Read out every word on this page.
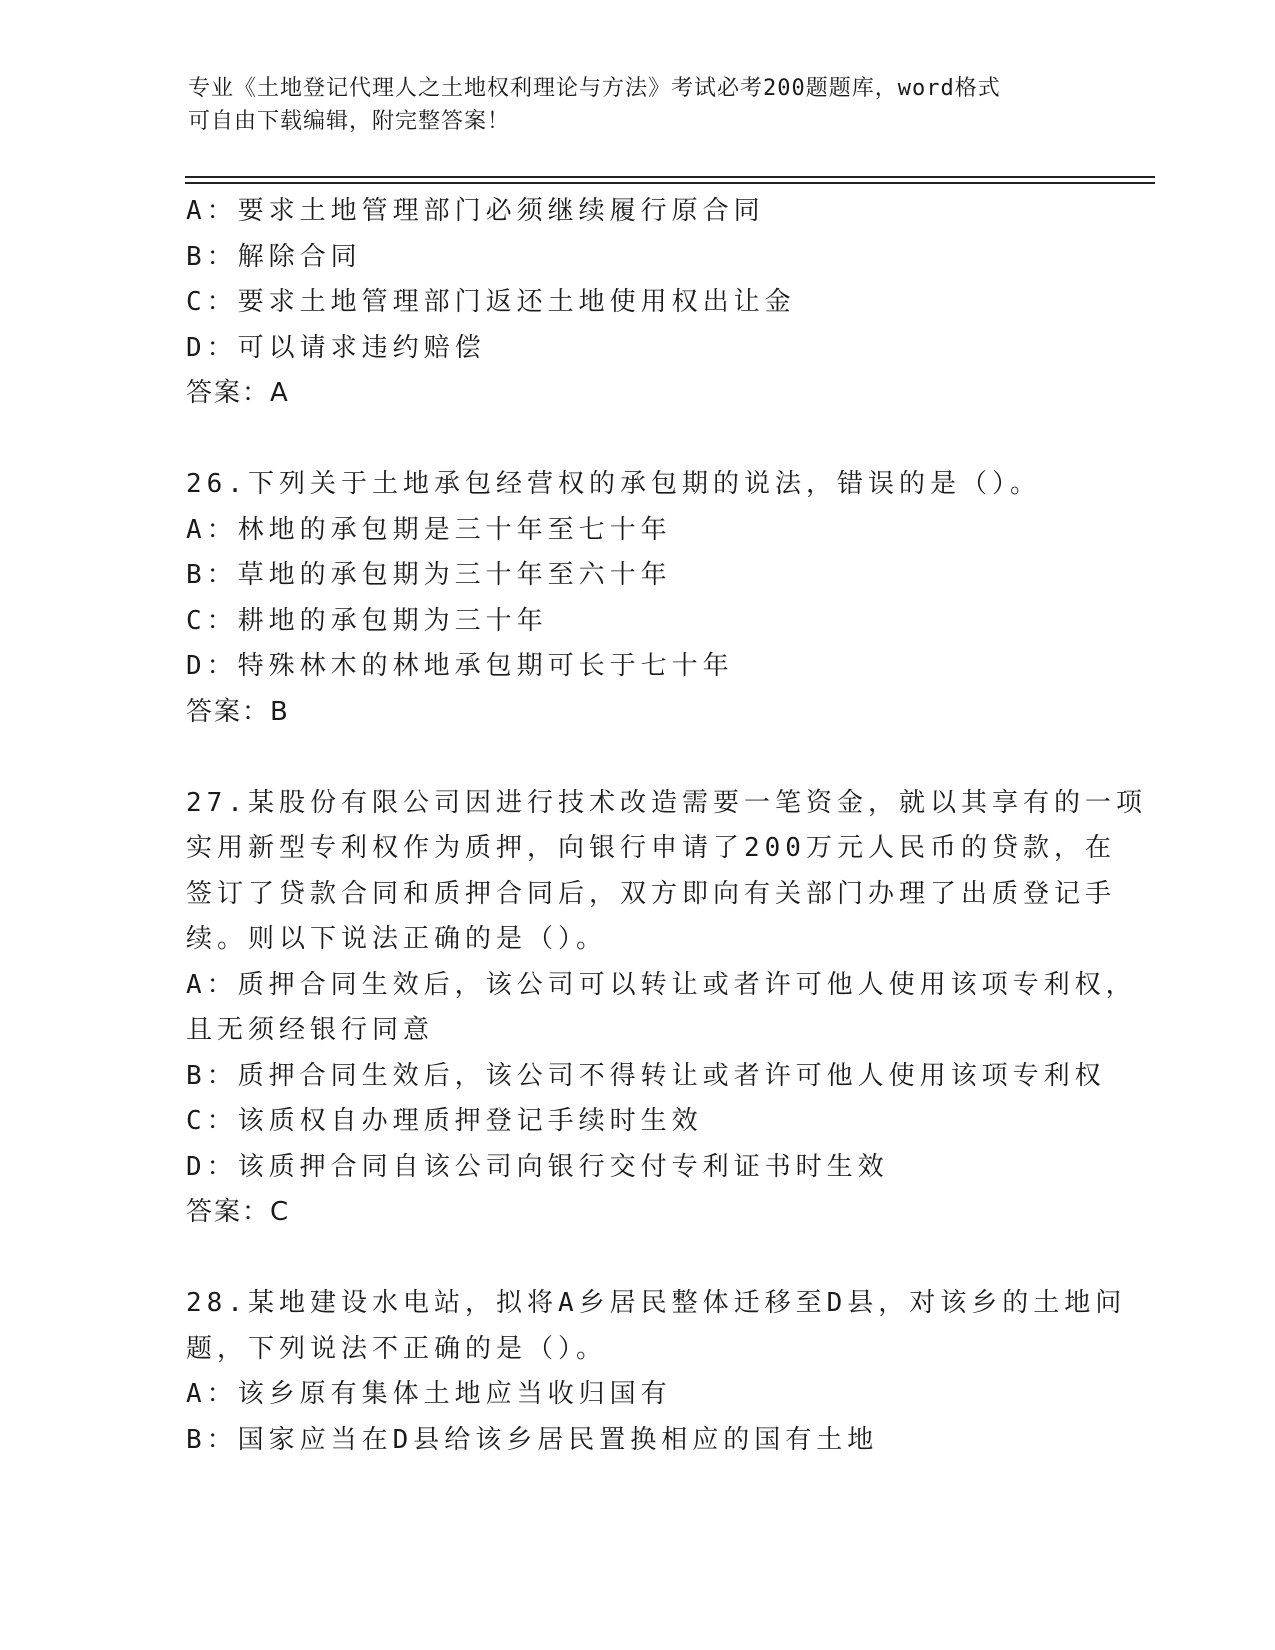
专业《土地登记代理人之土地权利理论与方法》考试必考200题题库，word格式
可自由下载编辑，附完整答案！
A：要求土地管理部门必须继续履行原合同
B：解除合同
C：要求土地管理部门返还土地使用权出让金
D：可以请求违约赔偿
答案：A
26.下列关于土地承包经营权的承包期的说法，错误的是（）。
A：林地的承包期是三十年至七十年
B：草地的承包期为三十年至六十年
C：耕地的承包期为三十年
D：特殊林木的林地承包期可长于七十年
答案：B
27.某股份有限公司因进行技术改造需要一笔资金，就以其享有的一项
实用新型专利权作为质押，向银行申请了200万元人民币的贷款，在
签订了贷款合同和质押合同后，双方即向有关部门办理了出质登记手
续。则以下说法正确的是（）。
A：质押合同生效后，该公司可以转让或者许可他人使用该项专利权，
且无须经银行同意
B：质押合同生效后，该公司不得转让或者许可他人使用该项专利权
C：该质权自办理质押登记手续时生效
D：该质押合同自该公司向银行交付专利证书时生效
答案：C
28.某地建设水电站，拟将A乡居民整体迁移至D县，对该乡的土地问
题，下列说法不正确的是（）。
A：该乡原有集体土地应当收归国有
B：国家应当在D县给该乡居民置换相应的国有土地
